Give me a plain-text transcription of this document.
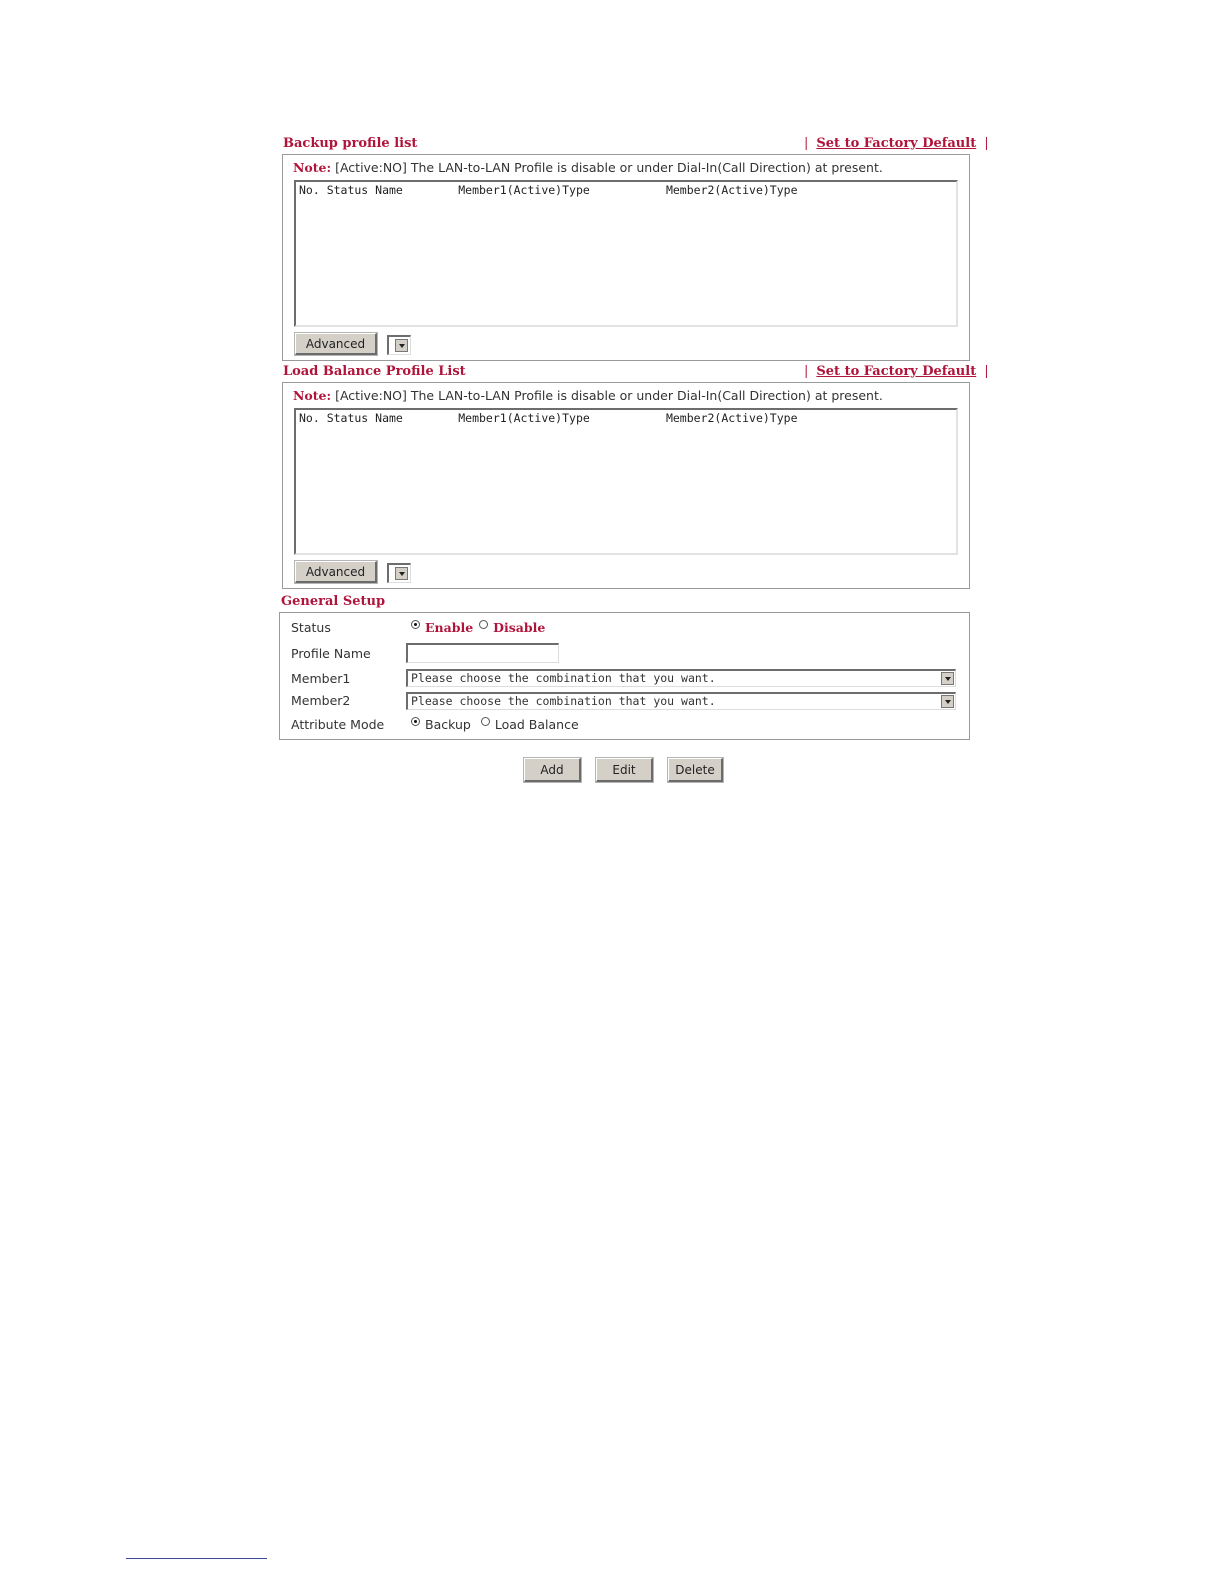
Backup profile list	| Set to Factory Default |
Note: [Active:NO] The LAN-to-LAN Profile is disable or under Dial-In(Call Direction) at present.
No. Status Name        Member1(Active)Type           Member2(Active)Type
Advanced
Load Balance Profile List	| Set to Factory Default |
Note: [Active:NO] The LAN-to-LAN Profile is disable or under Dial-In(Call Direction) at present.
No. Status Name        Member1(Active)Type           Member2(Active)Type
Advanced
General Setup
Status	Enable Disable
Profile Name
Member1	Please choose the combination that you want.
Member2	Please choose the combination that you want.
Attribute Mode	Backup Load Balance
Add	Edit	Delete
